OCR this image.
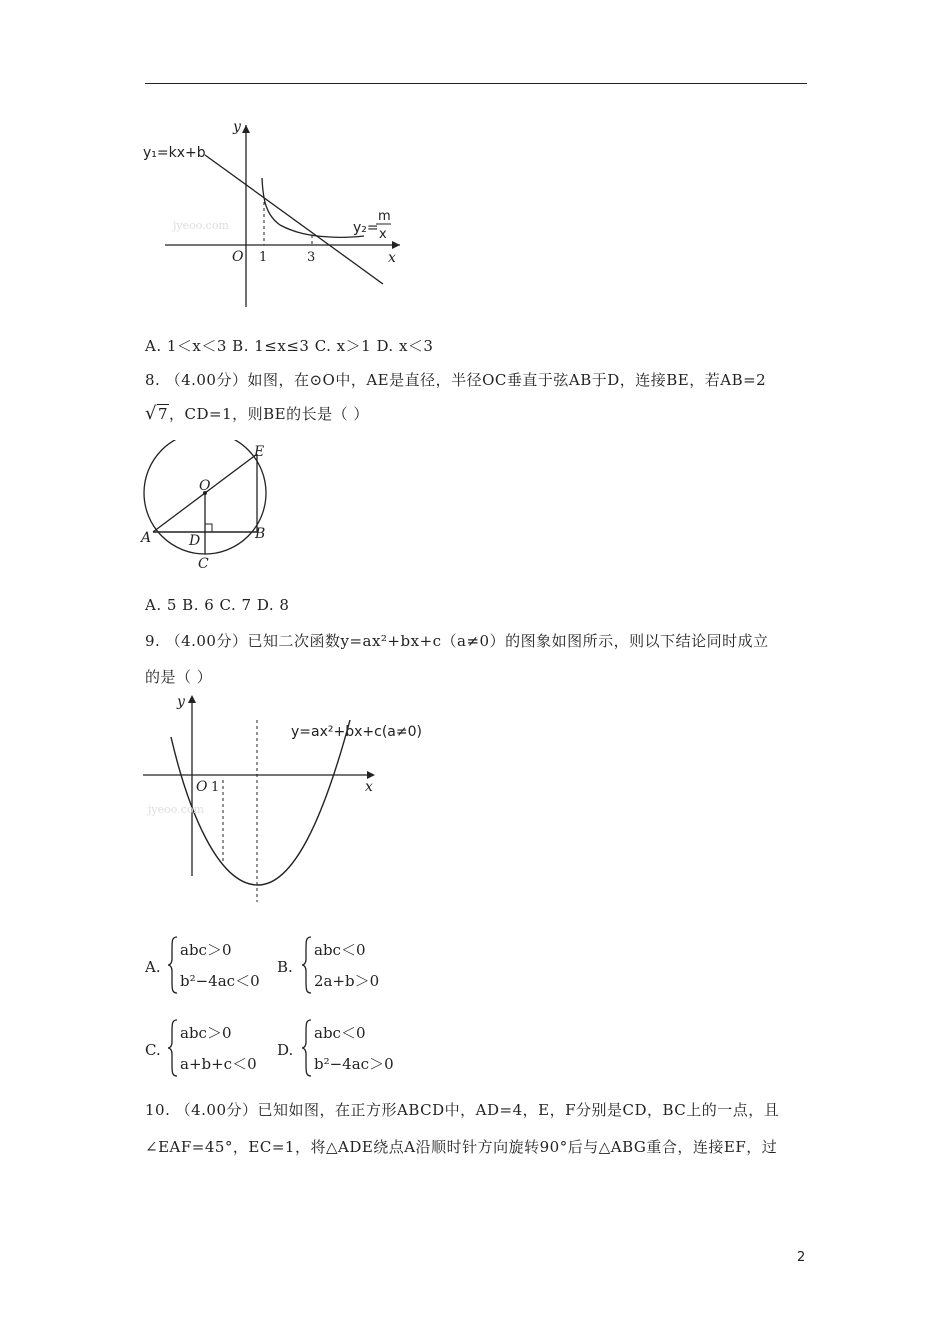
jyeoo.com
y₁=kx+b
y₂=
m
x
y
x
O 1	3
A. 1＜x＜3 B. 1≤x≤3 C. x＞1 D. x＜3
8. （4.00分）如图，在⊙O中，AE是直径，半径OC垂直于弦AB于D，连接BE，若AB=2
√7，CD=1，则BE的长是（ ）
E
O
A	D	B
C
A. 5 B. 6 C. 7 D. 8
9. （4.00分）已知二次函数y=ax²+bx+c（a≠0）的图象如图所示，则以下结论同时成立
的是（ ）
jyeoo.com
y=ax²+bx+c(a≠0)
y
x
O 1
A.
abc＞0
b²−4ac＜0
B.
abc＜0
2a+b＞0
C.
abc＞0
a+b+c＜0
D.
abc＜0
b²−4ac＞0
10. （4.00分）已知如图，在正方形ABCD中，AD=4，E，F分别是CD，BC上的一点，且
∠EAF=45°，EC=1，将△ADE绕点A沿顺时针方向旋转90°后与△ABG重合，连接EF，过
2
